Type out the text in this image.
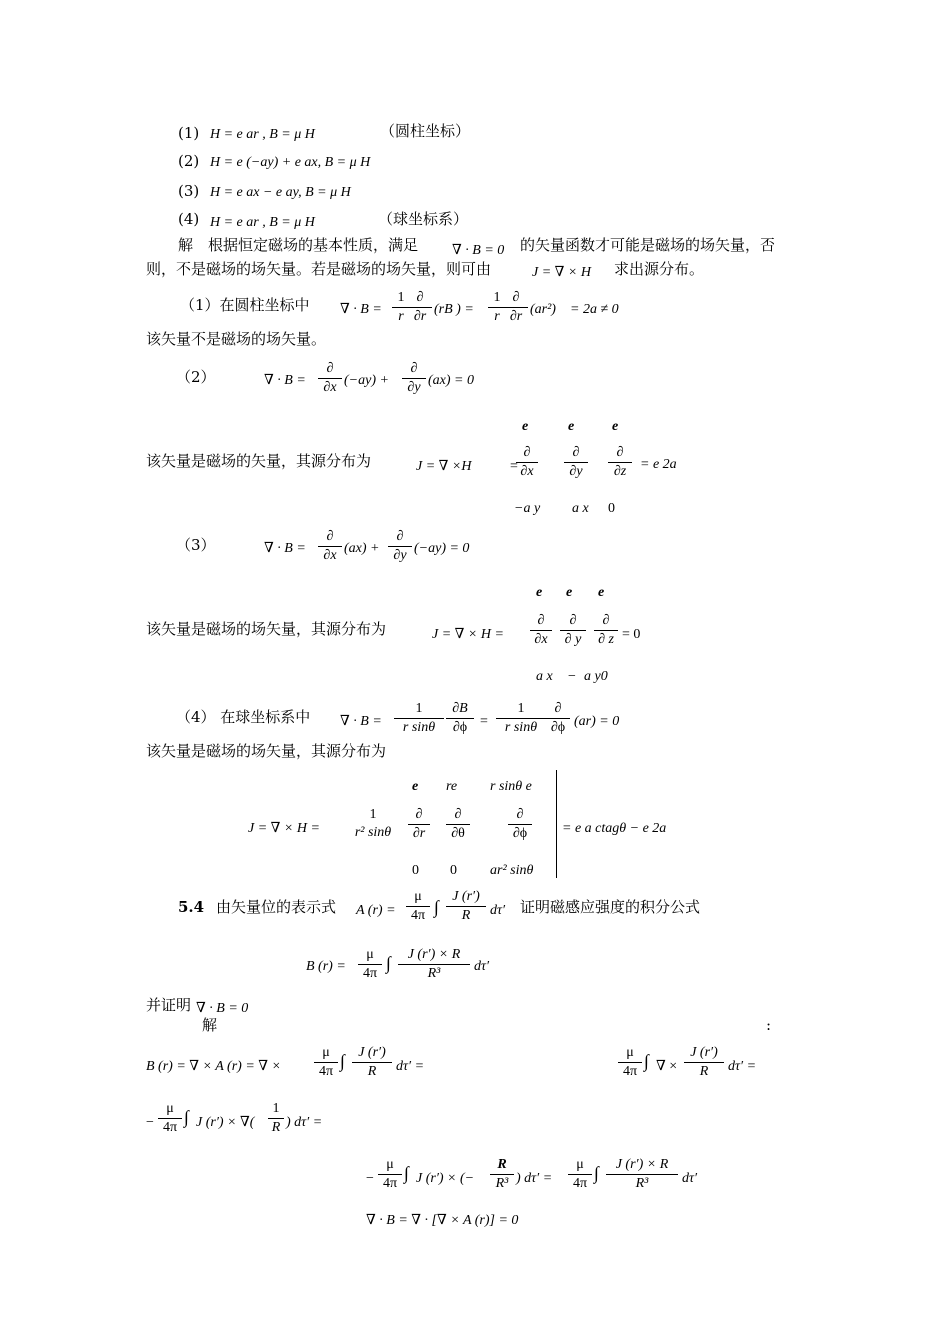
(1) H = e ar , B = μ H	（圆柱坐标）
(2) H = e (−ay) + e ax, B = μ H
(3) H = e ax − e ay, B = μ H
(4) H = e ar , B = μ H	（球坐标系）
解　根据恒定磁场的基本性质，满足 ∇ · B = 0 的矢量函数才可能是磁场的场矢量，否
则，不是磁场的场矢量。若是磁场的场矢量，则可由	J = ∇ × H 求出源分布。
（1）在圆柱坐标中 ∇ · $B = \frac{1}{r}$ ∂
∂r (rB ) = $\frac{1}{r}$ ∂
∂r (ar²) = 2a ≠ 0
该矢量不是磁场的场矢量。
（2）	∇ · B =
∂
∂x (−ay) +
∂
∂y (ax) = 0
e	e	e
该矢量是磁场的矢量，其源分布为	J = ∇ ×H	=
∂
∂x
∂
∂y
∂
∂z = e 2a
−a y a x 0
（3）	∇ · B =
∂
∂x (ax) +
∂
∂y (−ay) = 0
e e e
该矢量是磁场的场矢量，其源分布为	J = ∇ × H =
∂
∂x
∂
∂ y
∂
∂ z = 0
a x − a y0
（4） 在球坐标系中 ∇ · $B = \frac{1}{\text{r sinθ}} \frac{\partial B}{\partial\phi} = \frac{1}{\text{r sinθ}}$ ∂
∂ϕ (ar) = 0
该矢量是磁场的场矢量，其源分布为
e re r sinθ e
J = ∇ × H =
1
r² sinθ
∂
∂r
∂
∂θ
∂
∂ϕ	= e a ctagθ − e 2a
0 0 ar² sinθ
5.4 由矢量位的表示式 A $(r) = \frac{\mu}{4\pi}$ ∫ $\frac{J (r')}{R} d\tau'$ 证明磁感应强度的积分公式
B $(r) = \frac{\mu}{4\pi}$ ∫ $\frac{J (r') \times R}{\text{R³}} d\tau'$
并证明 ∇ · B = 0
解	:
B (r) = ∇ × A (r) = ∇ × $\frac{\mu}{4\pi}$ ∫ $\frac{J (r')}{R} d\tau'$ =	$\frac{\mu}{4\pi}$ ∫ ∇ × $\frac{J (r')}{R} d\tau'$ =
− $\frac{\mu}{4\pi}$ ∫ J (r′) × ∇( $\frac{1}{R}$ ) dτ′ =
− $\frac{\mu}{4\pi}$ ∫ J (r′) × (− $\frac{R}{\text{R³}}$ ) $d\tau' = \frac{\mu}{4\pi}$ ∫ $\frac{J (r') \times R}{\text{R³}} d\tau'$
∇ · B = ∇ · [∇ × A (r)] = 0
